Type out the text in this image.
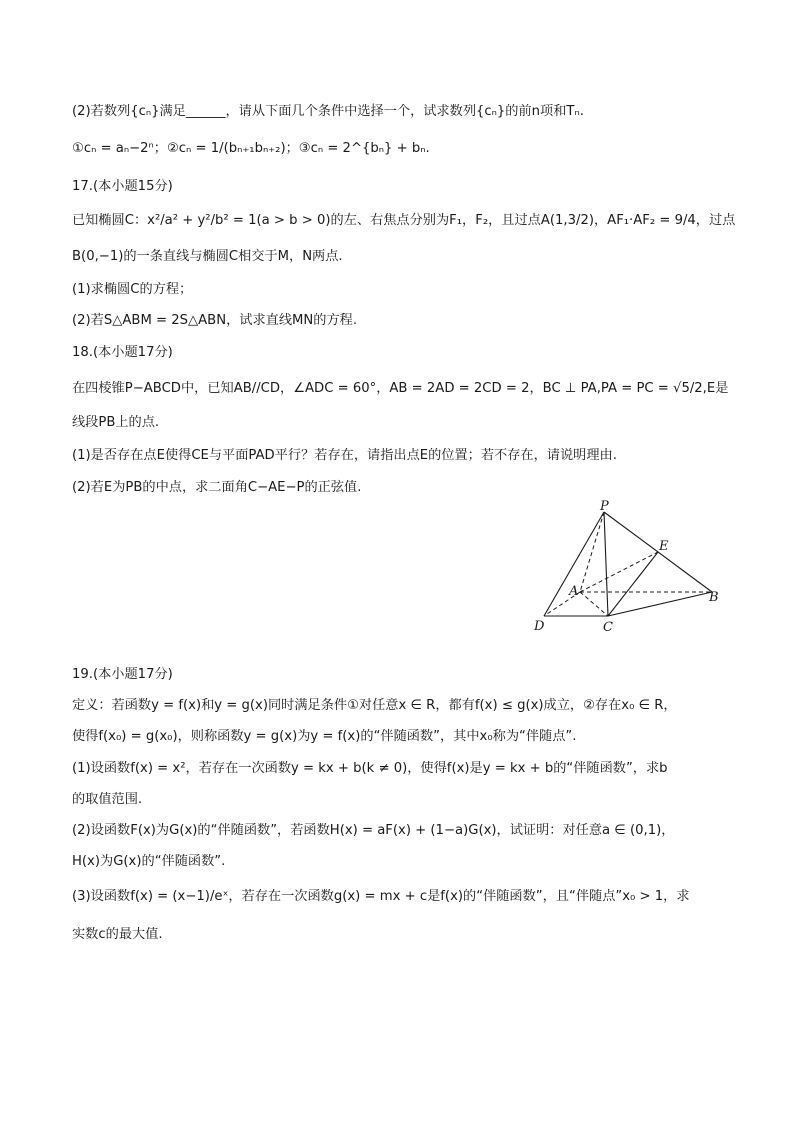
(2)若数列{cₙ}满足______，请从下面几个条件中选择一个，试求数列{cₙ}的前n项和Tₙ.
①cₙ = aₙ−2ⁿ；②cₙ = 1/(bₙ₊₁bₙ₊₂)；③cₙ = 2^{bₙ} + bₙ.
17.(本小题15分)
已知椭圆C：x²/a² + y²/b² = 1(a > b > 0)的左、右焦点分别为F₁，F₂，且过点A(1,3/2)，AF₁·AF₂ = 9/4，过点
B(0,−1)的一条直线与椭圆C相交于M，N两点.
(1)求椭圆C的方程；
(2)若S△ABM = 2S△ABN，试求直线MN的方程.
18.(本小题17分)
在四棱锥P−ABCD中，已知AB//CD，∠ADC = 60°，AB = 2AD = 2CD = 2，BC ⊥ PA,PA = PC = √5/2,E是
线段PB上的点.
(1)是否存在点E使得CE与平面PAD平行？若存在，请指出点E的位置；若不存在，请说明理由.
(2)若E为PB的中点，求二面角C−AE−P的正弦值.
P
E
A	B
C
D
19.(本小题17分)
定义：若函数y = f(x)和y = g(x)同时满足条件①对任意x ∈ R，都有f(x) ≤ g(x)成立，②存在x₀ ∈ R，
使得f(x₀) = g(x₀)，则称函数y = g(x)为y = f(x)的“伴随函数”，其中x₀称为“伴随点”.
(1)设函数f(x) = x²，若存在一次函数y = kx + b(k ≠ 0)，使得f(x)是y = kx + b的“伴随函数”，求b
的取值范围.
(2)设函数F(x)为G(x)的“伴随函数”，若函数H(x) = aF(x) + (1−a)G(x)，试证明：对任意a ∈ (0,1)，
H(x)为G(x)的“伴随函数”.
(3)设函数f(x) = (x−1)/eˣ，若存在一次函数g(x) = mx + c是f(x)的“伴随函数”，且“伴随点”x₀ > 1，求
实数c的最大值.
